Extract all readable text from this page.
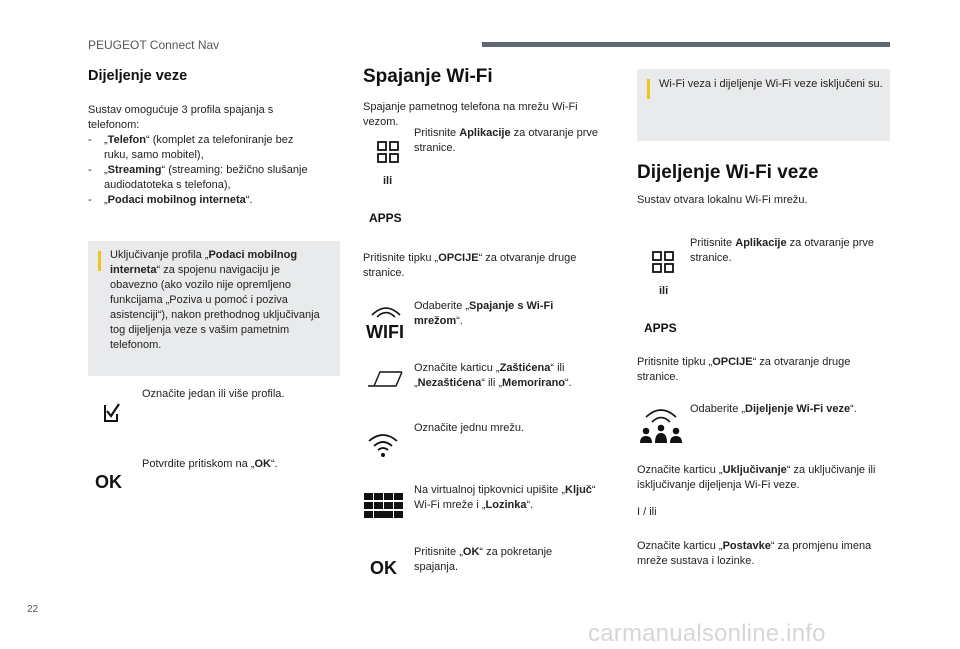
PEUGEOT Connect Nav
22
carmanualsonline.info
Dijeljenje veze
Sustav omogućuje 3 profila spajanja s telefonom:
- „Telefon“ (komplet za telefoniranje bez ruku, samo mobitel),
- „Streaming“ (streaming: bežično slušanje audiodatoteka s telefona),
- „Podaci mobilnog interneta“.
Uključivanje profila „Podaci mobilnog interneta“ za spojenu navigaciju je obavezno (ako vozilo nije opremljeno funkcijama „Poziva u pomoć i poziva asistenciji“), nakon prethodnog uključivanja tog dijeljenja veze s vašim pametnim telefonom.
Označite jedan ili više profila.
OK
Potvrdite pritiskom na „OK“.
Spajanje Wi-Fi
Spajanje pametnog telefona na mrežu Wi-Fi vezom.
Pritisnite Aplikacije za otvaranje prve stranice.
ili
APPS
Pritisnite tipku „OPCIJE“ za otvaranje druge stranice.
WIFI
Odaberite „Spajanje s Wi-Fi mrežom“.
Označite karticu „Zaštićena“ ili „Nezaštićena“ ili „Memorirano“.
Označite jednu mrežu.
Na virtualnoj tipkovnici upišite „Ključ“ Wi-Fi mreže i „Lozinka“.
OK
Pritisnite „OK“ za pokretanje spajanja.
Wi-Fi veza i dijeljenje Wi-Fi veze isključeni su.
Dijeljenje Wi-Fi veze
Sustav otvara lokalnu Wi-Fi mrežu.
Pritisnite Aplikacije za otvaranje prve stranice.
ili
APPS
Pritisnite tipku „OPCIJE“ za otvaranje druge stranice.
Odaberite „Dijeljenje Wi-Fi veze“.
Označite karticu „Uključivanje“ za uključivanje ili isključivanje dijeljenja Wi-Fi veze.
I / ili
Označite karticu „Postavke“ za promjenu imena mreže sustava i lozinke.
